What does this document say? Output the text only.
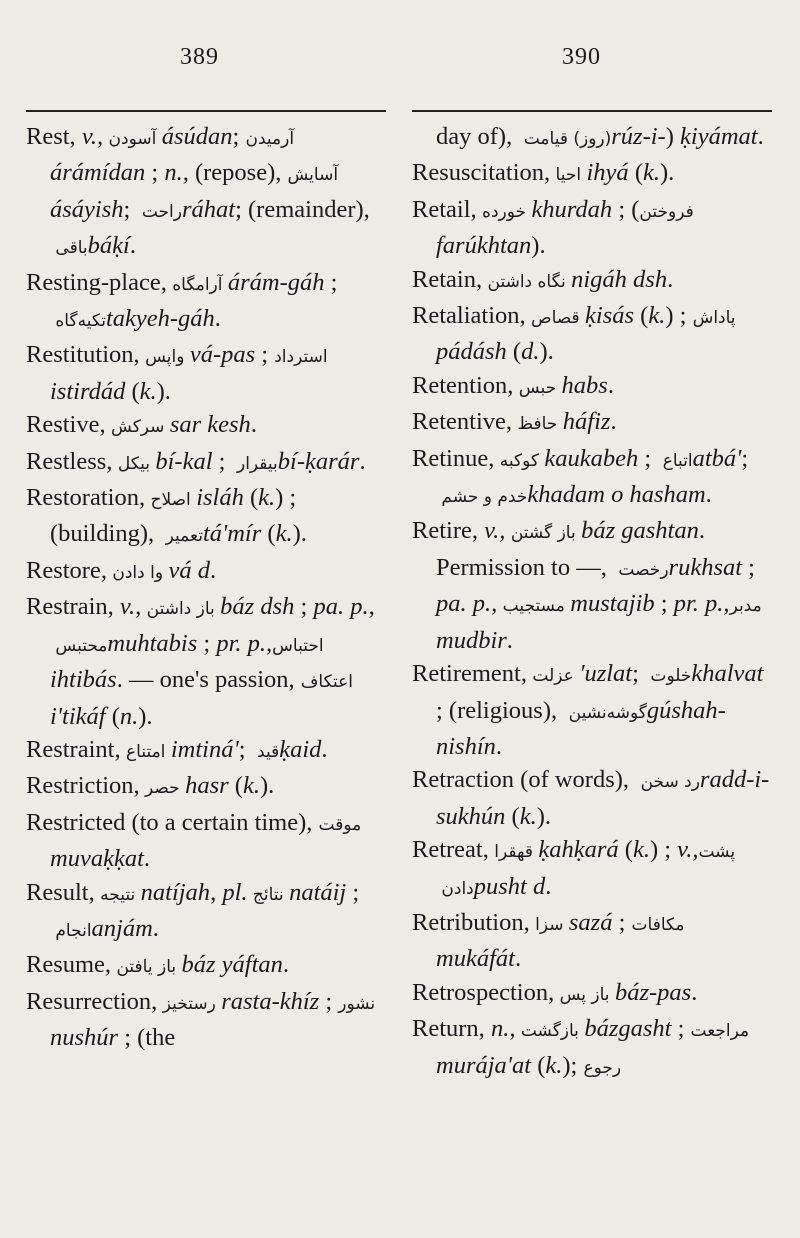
389	390

Rest, v., آسودن ásúdan; آرمیدن árámídan ; n., (repose), آسایش ásáyish; راحت ráhat; (remainder), باقی báḳí.

Resting-place, آرامگاه árám-gáh ; تکیه‌گاه takyeh-gáh.

Restitution, واپس vá-pas ; استرداد istirdád (k.).

Restive, سرکش sar kesh.

Restless, بیکل bí-kal ; بیقرار bí-ḳarár.

Restoration, اصلاح isláh (k.) ; (building), تعمیر tá'mír (k.).

Restore, وا دادن vá d.

Restrain, v., باز داشتن báz dsh ; pa. p., محتبس muhtabis ; pr. p., احتباس ihtibás. — one's passion, اعتکاف i'tikáf (n.).

Restraint, امتناع imtiná'; قید ḳaid.

Restriction, حصر hasr (k.).

Restricted (to a certain time), موقت muvaḳḳat.

Result, نتیجه natíjah, pl. نتائج natáij ; انجام anjám.

Resume, باز یافتن báz yáftan.

Resurrection, رستخیز rasta-khíz ; نشور nushúr ; (the

day of), قیامت (روز) rúz-i-) ḳiyámat.

Resuscitation, احیا ihyá (k.).

Retail, خورده khurdah ; (فروختن farúkhtan).

Retain, نگاه داشتن nigáh dsh.

Retaliation, قصاص ḳisás (k.) ; پاداش pádásh (d.).

Retention, حبس habs.

Retentive, حافظ háfiz.

Retinue, کوکبه kaukabeh ; اتباع atbá'; خدم و حشم khadam o hasham.

Retire, v., باز گشتن báz gashtan. Permission to —, رخصت rukhsat ; pa. p., مستجیب mustajib ; pr. p., مدبر mudbir.

Retirement, عزلت 'uzlat; خلوت khalvat ; (religious), گوشه‌نشین gúshah-nishín.

Retraction (of words), رد سخن radd-i-sukhún (k.).

Retreat, قهقرا ḳahḳará (k.) ; v., پشت دادن pusht d.

Retribution, سزا sazá ; مکافات mukáfát.

Retrospection, باز پس báz-pas.

Return, n., بازگشت bázgasht ; مراجعت murája'at (k.); رجوع
